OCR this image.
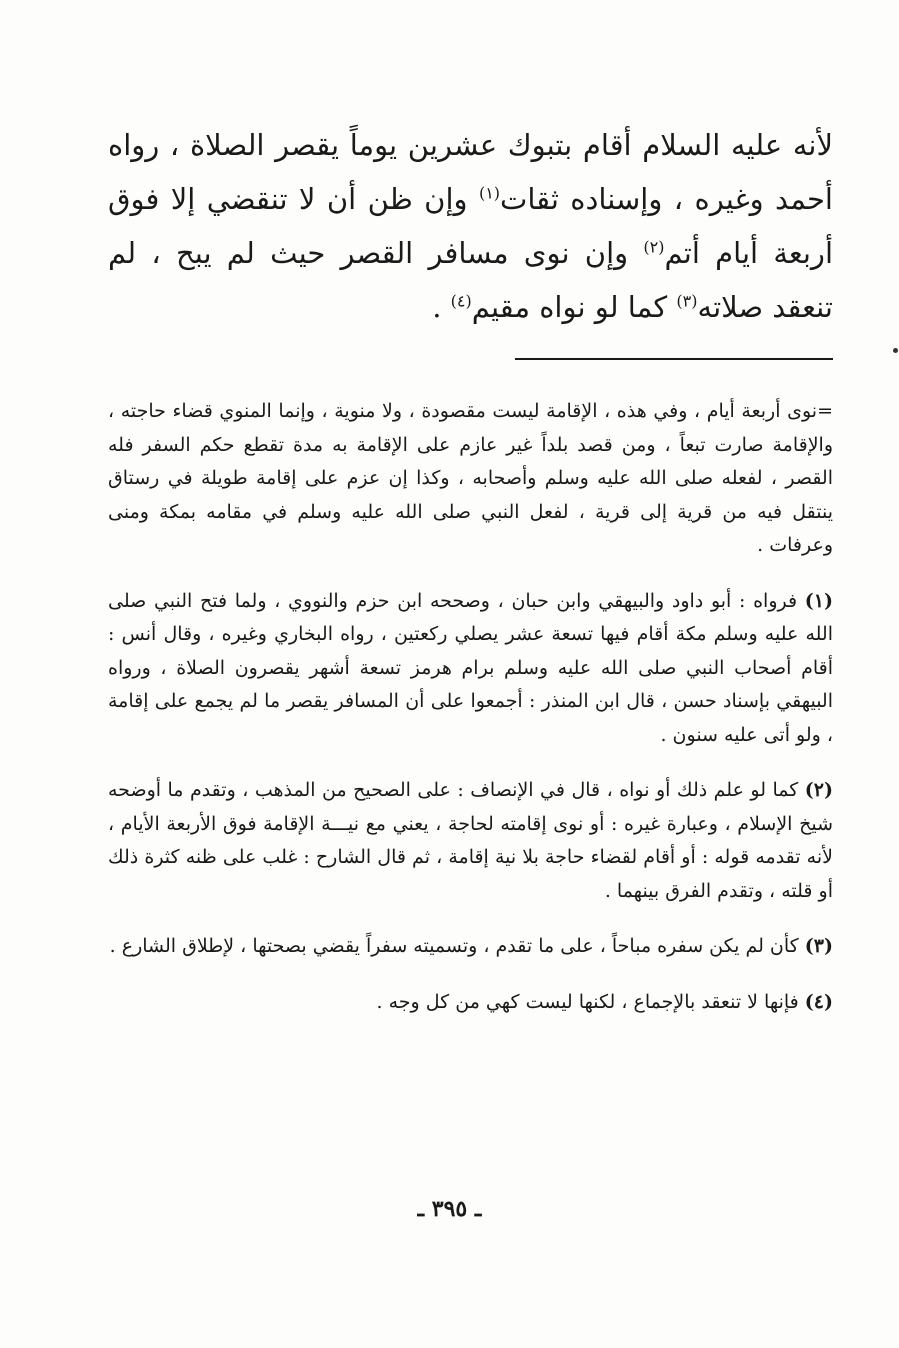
لأنه عليه السلام أقام بتبوك عشرين يوماً يقصر الصلاة ، رواه أحمد وغيره ، وإسناده ثقات$^{(١)}$ وإن ظن أن لا تنقضي إلا فوق أربعة أيام أتم$^{(٢)}$ وإن نوى مسافر القصر حيث لم يبح ، لم تنعقد صلاته$^{(٣)}$ كما لو نواه مقيم$^{(٤)}$ .

=نوى أربعة أيام ، وفي هذه ، الإقامة ليست مقصودة ، ولا منوية ، وإنما المنوي قضاء حاجته ، والإقامة صارت تبعاً ، ومن قصد بلداً غير عازم على الإقامة به مدة تقطع حكم السفر فله القصر ، لفعله صلى الله عليه وسلم وأصحابه ، وكذا إن عزم على إقامة طويلة في رستاق ينتقل فيه من قرية إلى قرية ، لفعل النبي صلى الله عليه وسلم في مقامه بمكة ومنى وعرفات .

(١) فرواه : أبو داود والبيهقي وابن حبان ، وصححه ابن حزم والنووي ، ولما فتح النبي صلى الله عليه وسلم مكة أقام فيها تسعة عشر يصلي ركعتين ، رواه البخاري وغيره ، وقال أنس : أقام أصحاب النبي صلى الله عليه وسلم برام هرمز تسعة أشهر يقصرون الصلاة ، ورواه البيهقي بإسناد حسن ، قال ابن المنذر : أجمعوا على أن المسافر يقصر ما لم يجمع على إقامة ، ولو أتى عليه سنون .

(٢) كما لو علم ذلك أو نواه ، قال في الإنصاف : على الصحيح من المذهب ، وتقدم ما أوضحه شيخ الإسلام ، وعبارة غيره : أو نوى إقامته لحاجة ، يعني مع نيـــة الإقامة فوق الأربعة الأيام ، لأنه تقدمه قوله : أو أقام لقضاء حاجة بلا نية إقامة ، ثم قال الشارح : غلب على ظنه كثرة ذلك أو قلته ، وتقدم الفرق بينهما .

(٣) كأن لم يكن سفره مباحاً ، على ما تقدم ، وتسميته سفراً يقضي بصحتها ، لإطلاق الشارع .

(٤) فإنها لا تنعقد بالإجماع ، لكنها ليست كهي من كل وجه .

ـ ٣٩٥ ـ
